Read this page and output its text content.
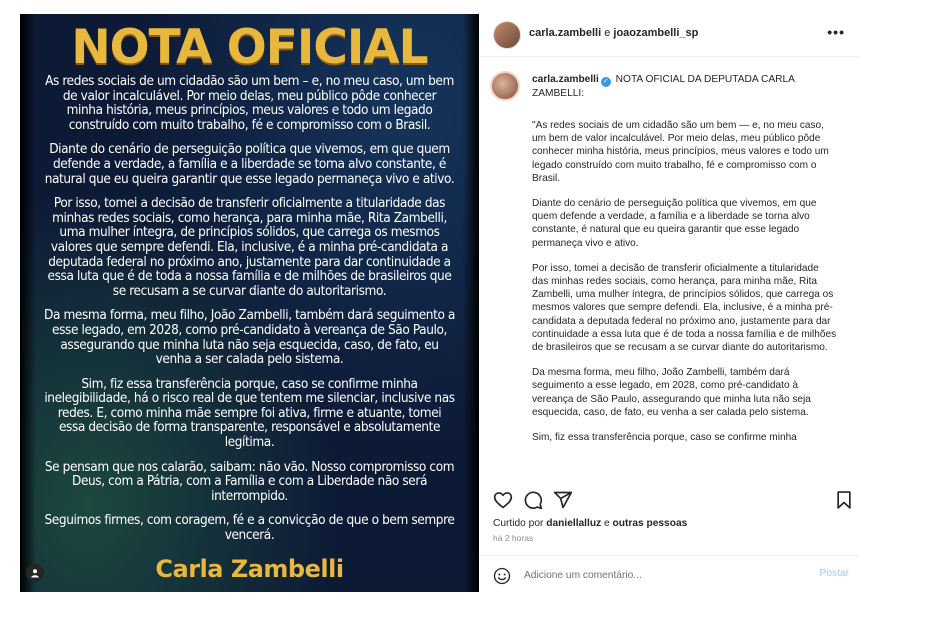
NOTA OFICIAL

As redes sociais de um cidadão são um bem – e, no meu caso, um bem de valor incalculável. Por meio delas, meu público pôde conhecer minha história, meus princípios, meus valores e todo um legado construído com muito trabalho, fé e compromisso com o Brasil.

Diante do cenário de perseguição política que vivemos, em que quem defende a verdade, a família e a liberdade se torna alvo constante, é natural que eu queira garantir que esse legado permaneça vivo e ativo.

Por isso, tomei a decisão de transferir oficialmente a titularidade das minhas redes sociais, como herança, para minha mãe, Rita Zambelli, uma mulher íntegra, de princípios sólidos, que carrega os mesmos valores que sempre defendi. Ela, inclusive, é a minha pré-candidata a deputada federal no próximo ano, justamente para dar continuidade a essa luta que é de toda a nossa família e de milhões de brasileiros que se recusam a se curvar diante do autoritarismo.

Da mesma forma, meu filho, João Zambelli, também dará seguimento a esse legado, em 2028, como pré-candidato à vereança de São Paulo, assegurando que minha luta não seja esquecida, caso, de fato, eu venha a ser calada pelo sistema.

Sim, fiz essa transferência porque, caso se confirme minha inelegibilidade, há o risco real de que tentem me silenciar, inclusive nas redes. E, como minha mãe sempre foi ativa, firme e atuante, tomei essa decisão de forma transparente, responsável e absolutamente legítima.

Se pensam que nos calarão, saibam: não vão. Nosso compromisso com Deus, com a Pátria, com a Família e com a Liberdade não será interrompido.

Seguimos firmes, com coragem, fé e a convicção de que o bem sempre vencerá.

Carla Zambelli
carla.zambelli e joaozambelli_sp	•••
carla.zambelli ✓ NOTA OFICIAL DA DEPUTADA CARLA ZAMBELLI:

"As redes sociais de um cidadão são um bem — e, no meu caso, um bem de valor incalculável. Por meio delas, meu público pôde conhecer minha história, meus princípios, meus valores e todo um legado construído com muito trabalho, fé e compromisso com o Brasil.

Diante do cenário de perseguição política que vivemos, em que quem defende a verdade, a família e a liberdade se torna alvo constante, é natural que eu queira garantir que esse legado permaneça vivo e ativo.

Por isso, tomei a decisão de transferir oficialmente a titularidade das minhas redes sociais, como herança, para minha mãe, Rita Zambelli, uma mulher íntegra, de princípios sólidos, que carrega os mesmos valores que sempre defendi. Ela, inclusive, é a minha pré-candidata a deputada federal no próximo ano, justamente para dar continuidade a essa luta que é de toda a nossa família e de milhões de brasileiros que se recusam a se curvar diante do autoritarismo.

Da mesma forma, meu filho, João Zambelli, também dará seguimento a esse legado, em 2028, como pré-candidato à vereança de São Paulo, assegurando que minha luta não seja esquecida, caso, de fato, eu venha a ser calada pelo sistema.

Sim, fiz essa transferência porque, caso se confirme minha

Curtido por daniellalluz e outras pessoas
há 2 horas
Adicione um comentário...
Postar
